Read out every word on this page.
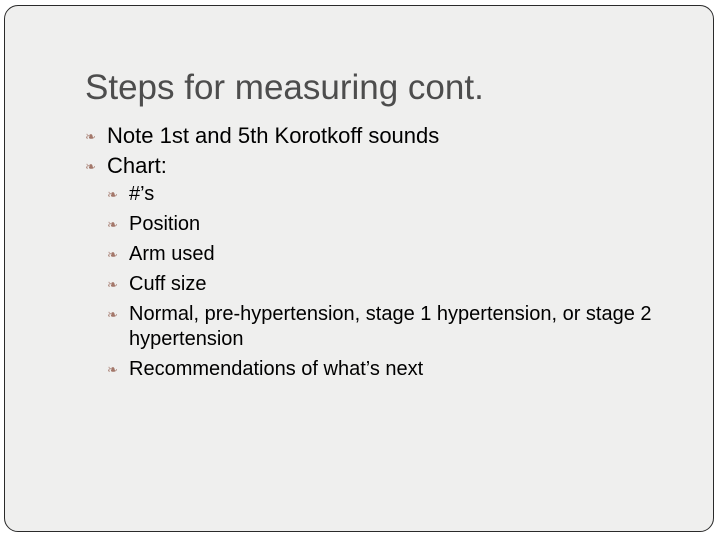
Steps for measuring cont.
❧ Note 1st and 5th Korotkoff sounds
❧ Chart:
❧ #’s
❧ Position
❧ Arm used
❧ Cuff size
❧ Normal, pre-hypertension, stage 1 hypertension, or stage 2 hypertension
❧ Recommendations of what’s next
